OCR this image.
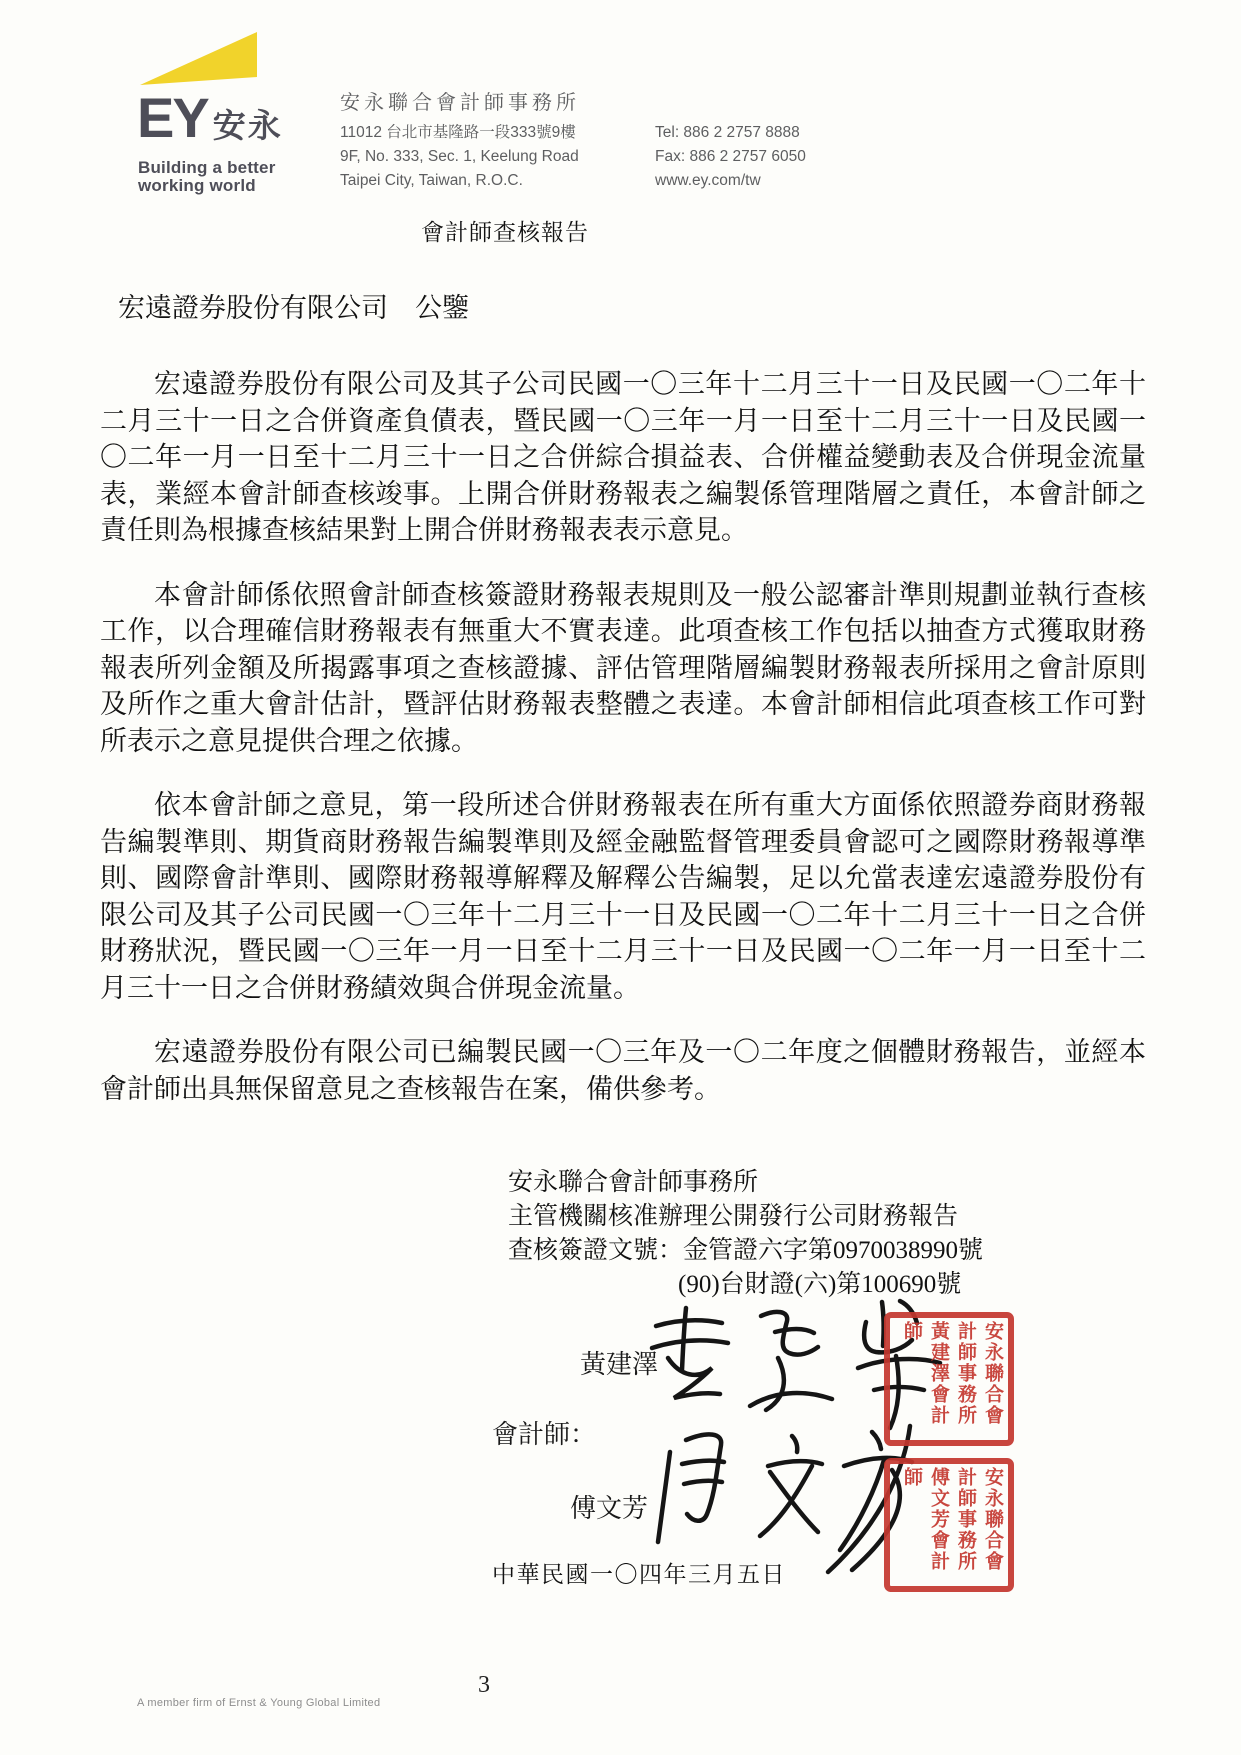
EY 安永
Building a better
working world
安永聯合會計師事務所
11012 台北市基隆路一段333號9樓
9F, No. 333, Sec. 1, Keelung Road
Taipei City, Taiwan, R.O.C.
Tel: 886 2 2757 8888
Fax: 886 2 2757 6050
www.ey.com/tw
會計師查核報告
宏遠證券股份有限公司　公鑒

宏遠證券股份有限公司及其子公司民國一〇三年十二月三十一日及民國一〇二年十二月三十一日之合併資產負債表，暨民國一〇三年一月一日至十二月三十一日及民國一〇二年一月一日至十二月三十一日之合併綜合損益表、合併權益變動表及合併現金流量表，業經本會計師查核竣事。上開合併財務報表之編製係管理階層之責任，本會計師之責任則為根據查核結果對上開合併財務報表表示意見。

本會計師係依照會計師查核簽證財務報表規則及一般公認審計準則規劃並執行查核工作，以合理確信財務報表有無重大不實表達。此項查核工作包括以抽查方式獲取財務報表所列金額及所揭露事項之查核證據、評估管理階層編製財務報表所採用之會計原則及所作之重大會計估計，暨評估財務報表整體之表達。本會計師相信此項查核工作可對所表示之意見提供合理之依據。

依本會計師之意見，第一段所述合併財務報表在所有重大方面係依照證券商財務報告編製準則、期貨商財務報告編製準則及經金融監督管理委員會認可之國際財務報導準則、國際會計準則、國際財務報導解釋及解釋公告編製，足以允當表達宏遠證券股份有限公司及其子公司民國一〇三年十二月三十一日及民國一〇二年十二月三十一日之合併財務狀況，暨民國一〇三年一月一日至十二月三十一日及民國一〇二年一月一日至十二月三十一日之合併財務績效與合併現金流量。

宏遠證券股份有限公司已編製民國一〇三年及一〇二年度之個體財務報告，並經本會計師出具無保留意見之查核報告在案，備供參考。

安永聯合會計師事務所
主管機關核准辦理公開發行公司財務報告
查核簽證文號：金管證六字第0970038990號
(90)台財證(六)第100690號
會計師：
黃建澤
傅文芳
安永聯合會計師事務所黃建澤會計師
安永聯合會計師事務所傅文芳會計師
中華民國一〇四年三月五日
A member firm of Ernst & Young Global Limited
3
